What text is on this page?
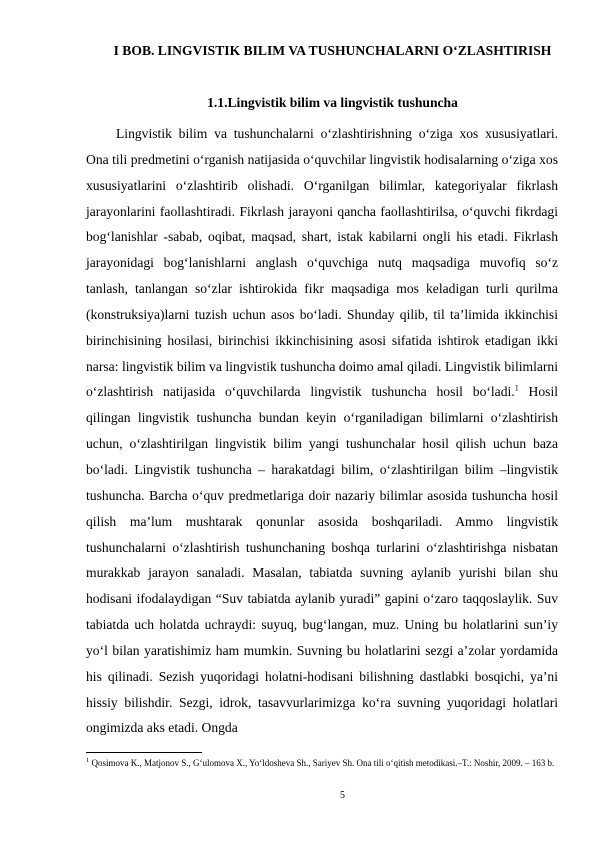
I BOB. LINGVISTIK BILIM VA TUSHUNCHALARNI O‘ZLASHTIRISH
1.1.Lingvistik bilim va lingvistik tushuncha

Lingvistik bilim va tushunchalarni o‘zlashtirishning o‘ziga xos xususiyatlari. Ona tili predmetini o‘rganish natijasida o‘quvchilar lingvistik hodisalarning o‘ziga xos xususiyatlarini o‘zlashtirib olishadi. O‘rganilgan bilimlar, kategoriyalar fikrlash jarayonlarini faollashtiradi. Fikrlash jarayoni qancha faollashtirilsa, o‘quvchi fikrdagi bog‘lanishlar -sabab, oqibat, maqsad, shart, istak kabilarni ongli his etadi. Fikrlash jarayonidagi bog‘lanishlarni anglash o‘quvchiga nutq maqsadiga muvofiq so‘z tanlash, tanlangan so‘zlar ishtirokida fikr maqsadiga mos keladigan turli qurilma (konstruksiya)larni tuzish uchun asos bo‘ladi. Shunday qilib, til ta’limida ikkinchisi birinchisining hosilasi, birinchisi ikkinchisining asosi sifatida ishtirok etadigan ikki narsa: lingvistik bilim va lingvistik tushuncha doimo amal qiladi. Lingvistik bilimlarni o‘zlashtirish natijasida o‘quvchilarda lingvistik tushuncha hosil bo‘ladi.$^1$ Hosil qilingan lingvistik tushuncha bundan keyin o‘rganiladigan bilimlarni o‘zlashtirish uchun, o‘zlashtirilgan lingvistik bilim yangi tushunchalar hosil qilish uchun baza bo‘ladi. Lingvistik tushuncha – harakatdagi bilim, o‘zlashtirilgan bilim –lingvistik tushuncha. Barcha o‘quv predmetlariga doir nazariy bilimlar asosida tushuncha hosil qilish ma’lum mushtarak qonunlar asosida boshqariladi. Ammo lingvistik tushunchalarni o‘zlashtirish tushunchaning boshqa turlarini o‘zlashtirishga nisbatan murakkab jarayon sanaladi. Masalan, tabiatda suvning aylanib yurishi bilan shu hodisani ifodalaydigan “Suv tabiatda aylanib yuradi” gapini o‘zaro taqqoslaylik. Suv tabiatda uch holatda uchraydi: suyuq, bug‘langan, muz. Uning bu holatlarini sun’iy yo‘l bilan yaratishimiz ham mumkin. Suvning bu holatlarini sezgi a’zolar yordamida his qilinadi. Sezish yuqoridagi holatni-hodisani bilishning dastlabki bosqichi, ya’ni hissiy bilishdir. Sezgi, idrok, tasavvurlarimizga ko‘ra suvning yuqoridagi holatlari ongimizda aks etadi. Ongda

$^1$ Qosimova K., Matjonov S., G‘ulomova X., Yo‘ldosheva Sh., Sariyev Sh. Ona tili o‘qitish metodikasi.–T.: Noshir, 2009. – 163 b.
5
